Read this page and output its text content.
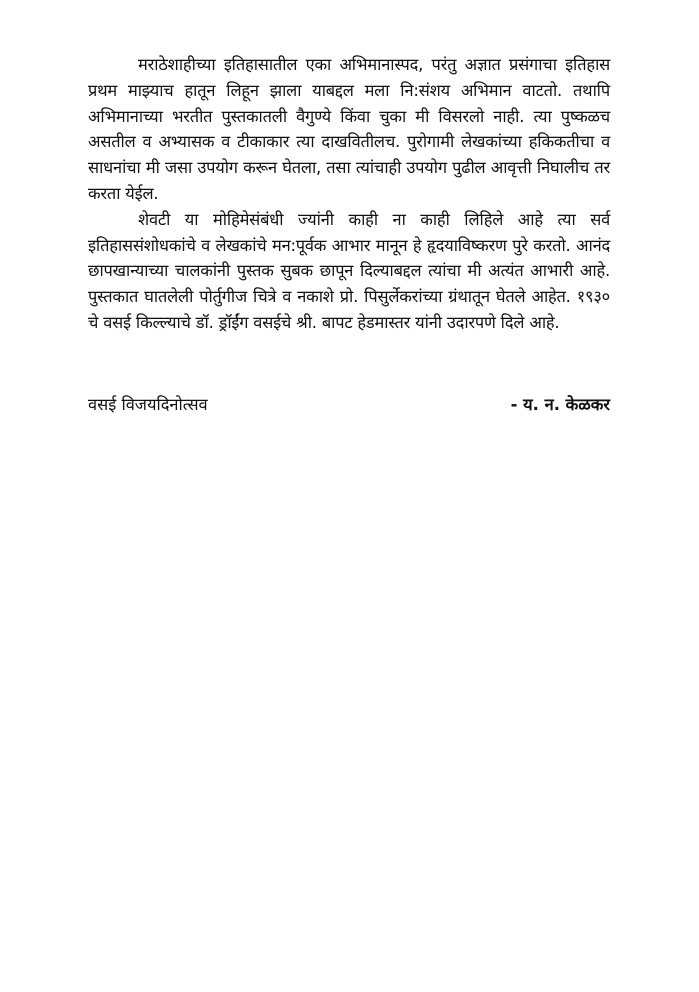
मराठेशाहीच्या इतिहासातील एका अभिमानास्पद, परंतु अज्ञात प्रसंगाचा इतिहास प्रथम माझ्याच हातून लिहून झाला याबद्दल मला नि:संशय अभिमान वाटतो. तथापि अभिमानाच्या भरतीत पुस्तकातली वैगुण्ये किंवा चुका मी विसरलो नाही. त्या पुष्कळच असतील व अभ्यासक व टीकाकार त्या दाखवितीलच. पुरोगामी लेखकांच्या हकिकतीचा व साधनांचा मी जसा उपयोग करून घेतला, तसा त्यांचाही उपयोग पुढील आवृत्ती निघालीच तर करता येईल.

शेवटी या मोहिमेसंबंधी ज्यांनी काही ना काही लिहिले आहे त्या सर्व इतिहाससंशोधकांचे व लेखकांचे मन:पूर्वक आभार मानून हे हृदयाविष्करण पुरे करतो. आनंद छापखान्याच्या चालकांनी पुस्तक सुबक छापून दिल्याबद्दल त्यांचा मी अत्यंत आभारी आहे. पुस्तकात घातलेली पोर्तुगीज चित्रे व नकाशे प्रो. पिसुर्लेकरांच्या ग्रंथातून घेतले आहेत. १९३० चे वसई किल्ल्याचे डॉ. ड्रॉईंग वसईचे श्री. बापट हेडमास्तर यांनी उदारपणे दिले आहे.

वसई विजयदिनोत्सव	- य. न. केळकर
